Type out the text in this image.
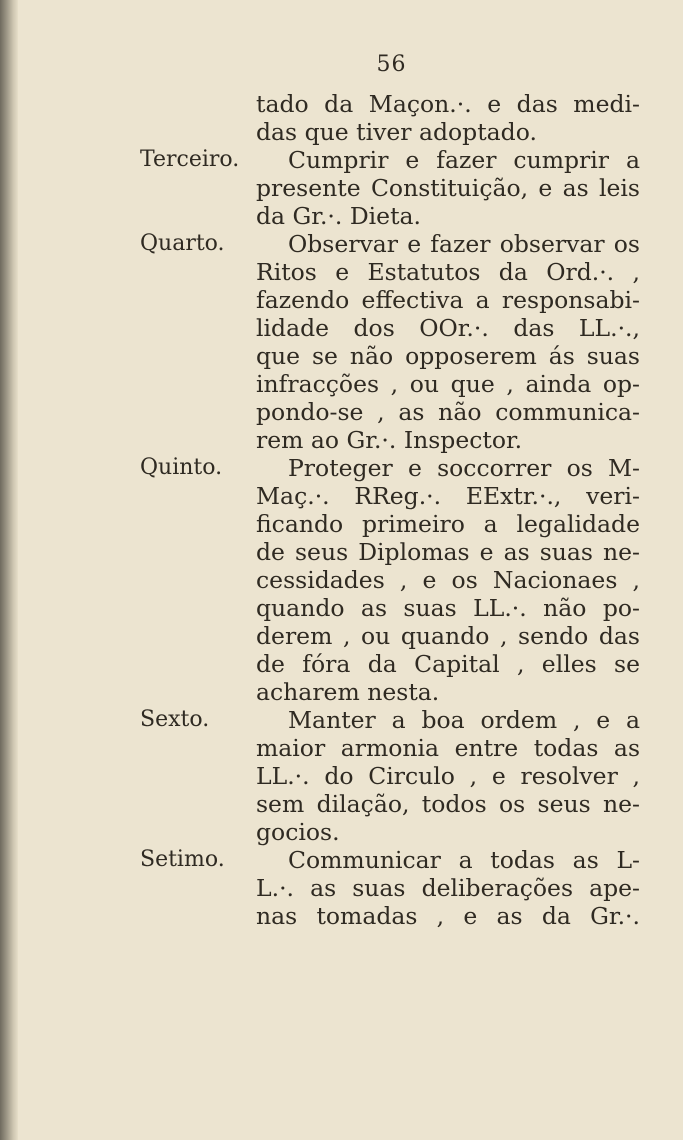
56
tado da Maçon.·. e das medi-
das que tiver adoptado.
Terceiro. Cumprir e fazer cumprir a
presente Constituição, e as leis
da Gr.·. Dieta.
Quarto.	Observar e fazer observar os
Ritos e Estatutos da Ord.·. ,
fazendo effectiva a responsabi-
lidade dos OOr.·. das LL.·.,
que se não opposerem ás suas
infracções , ou que , ainda op-
pondo-se , as não communica-
rem ao Gr.·. Inspector.
Quinto.	Proteger e soccorrer os M-
Maç.·. RReg.·. EExtr.·., veri-
ficando primeiro a legalidade
de seus Diplomas e as suas ne-
cessidades , e os Nacionaes ,
quando as suas LL.·. não po-
derem , ou quando , sendo das
de fóra da Capital , elles se
acharem nesta.
Sexto.	Manter a boa ordem , e a
maior armonia entre todas as
LL.·. do Circulo , e resolver ,
sem dilação, todos os seus ne-
gocios.
Setimo.	Communicar a todas as L-
L.·. as suas deliberações ape-
nas tomadas , e as da Gr.·.
